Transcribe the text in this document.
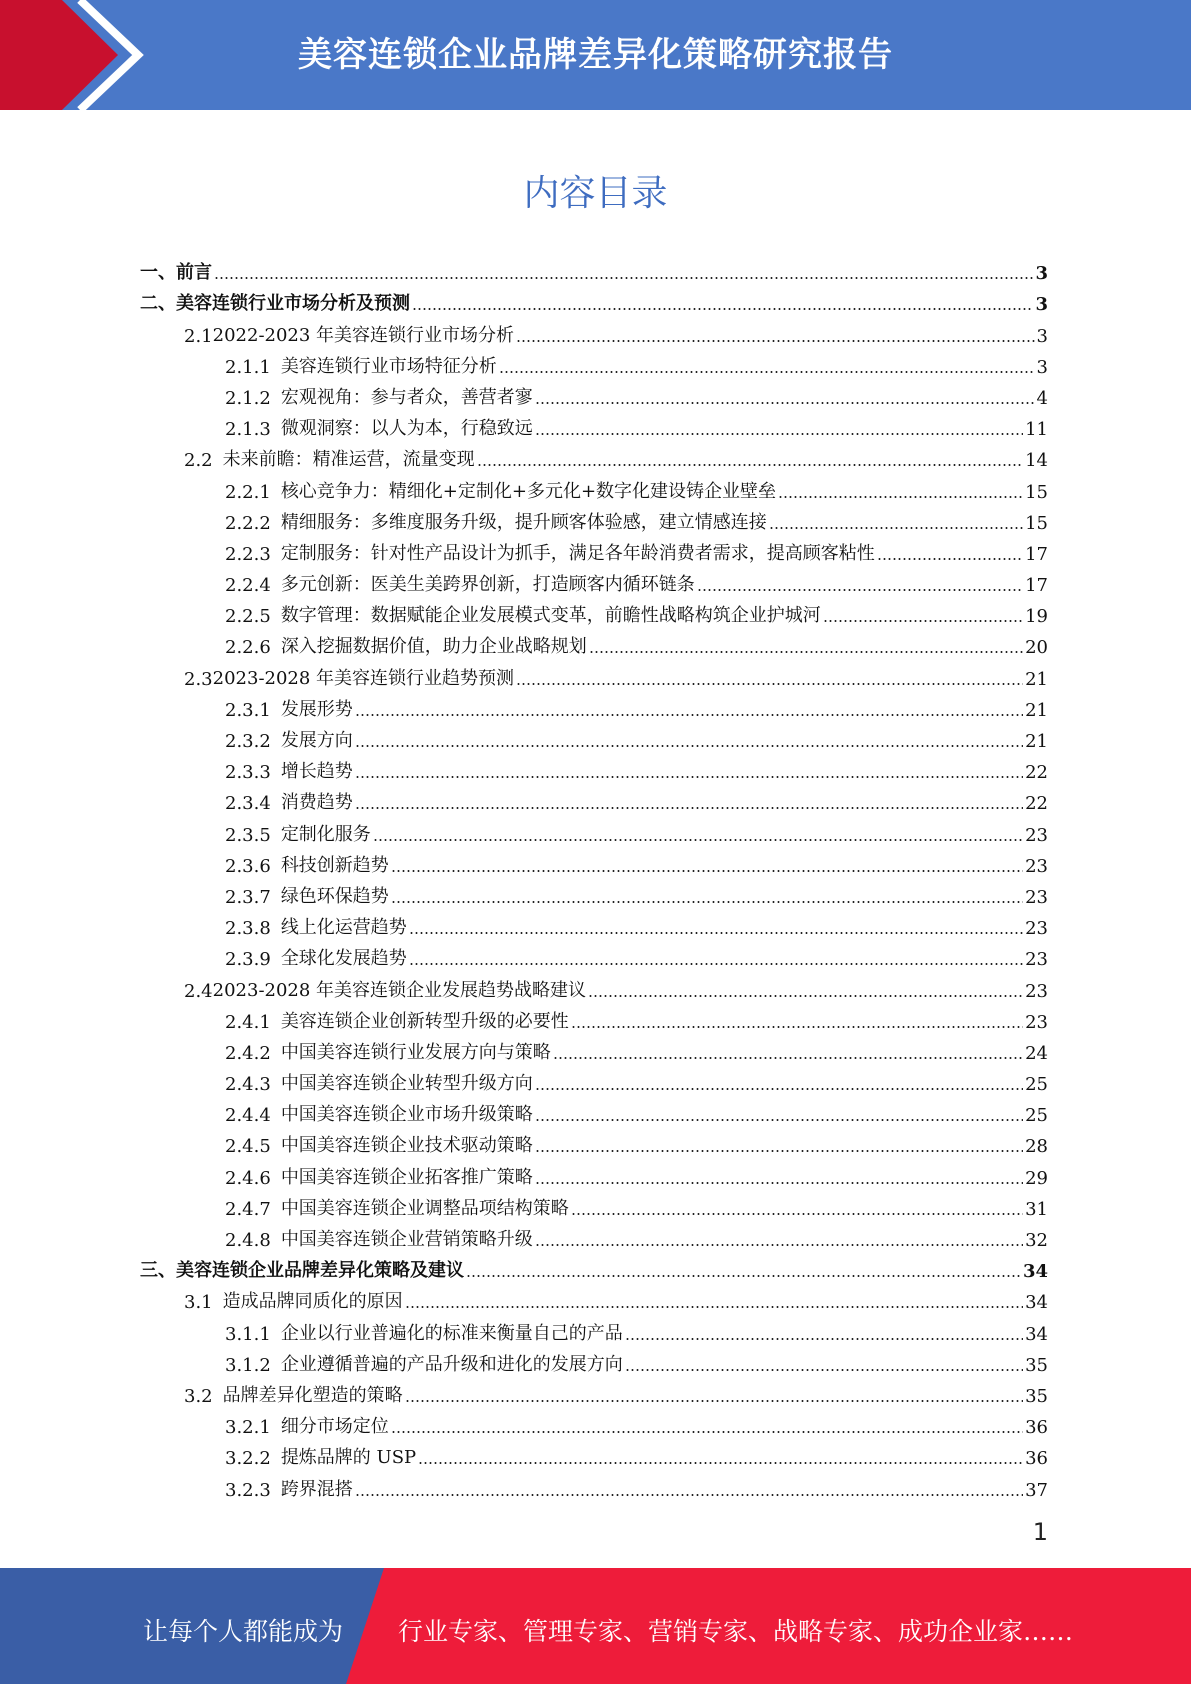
美容连锁企业品牌差异化策略研究报告
内容目录
一、 前言	3
二、 美容连锁行业市场分析及预测	3
2.1 2022-2023 年美容连锁行业市场分析	3
2.1.1 美容连锁行业市场特征分析	3
2.1.2 宏观视角：参与者众，善营者寥	4
2.1.3 微观洞察：以人为本，行稳致远	11
2.2 未来前瞻：精准运营，流量变现	14
2.2.1 核心竞争力：精细化+定制化+多元化+数字化建设铸企业壁垒	15
2.2.2 精细服务：多维度服务升级，提升顾客体验感，建立情感连接	15
2.2.3 定制服务：针对性产品设计为抓手，满足各年龄消费者需求，提高顾客粘性	17
2.2.4 多元创新：医美生美跨界创新，打造顾客内循环链条	17
2.2.5 数字管理：数据赋能企业发展模式变革，前瞻性战略构筑企业护城河	19
2.2.6 深入挖掘数据价值，助力企业战略规划	20
2.3 2023-2028 年美容连锁行业趋势预测	21
2.3.1 发展形势	21
2.3.2 发展方向	21
2.3.3 增长趋势	22
2.3.4 消费趋势	22
2.3.5 定制化服务	23
2.3.6 科技创新趋势	23
2.3.7 绿色环保趋势	23
2.3.8 线上化运营趋势	23
2.3.9 全球化发展趋势	23
2.4 2023-2028 年美容连锁企业发展趋势战略建议	23
2.4.1 美容连锁企业创新转型升级的必要性	23
2.4.2 中国美容连锁行业发展方向与策略	24
2.4.3 中国美容连锁企业转型升级方向	25
2.4.4 中国美容连锁企业市场升级策略	25
2.4.5 中国美容连锁企业技术驱动策略	28
2.4.6 中国美容连锁企业拓客推广策略	29
2.4.7 中国美容连锁企业调整品项结构策略	31
2.4.8 中国美容连锁企业营销策略升级	32
三、 美容连锁企业品牌差异化策略及建议	34
3.1 造成品牌同质化的原因	34
3.1.1 企业以行业普遍化的标准来衡量自己的产品	34
3.1.2 企业遵循普遍的产品升级和进化的发展方向	35
3.2 品牌差异化塑造的策略	35
3.2.1 细分市场定位	36
3.2.2 提炼品牌的 USP	36
3.2.3 跨界混搭	37
1
让每个人都能成为 行业专家、管理专家、营销专家、战略专家、成功企业家……
